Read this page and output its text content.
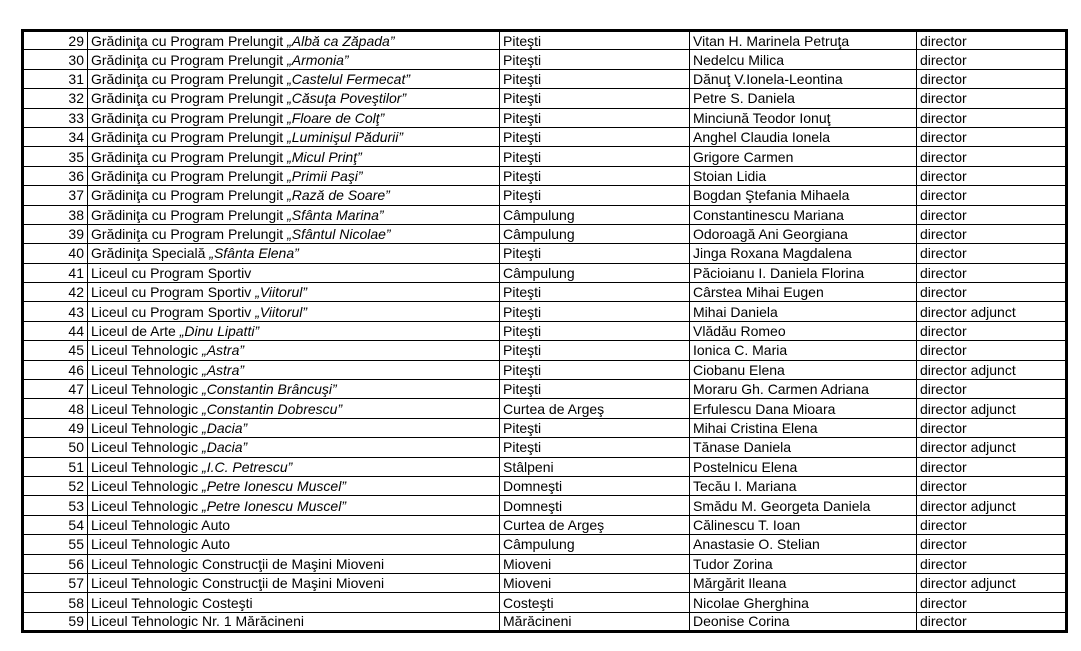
29	Grădiniţa cu Program Prelungit „Albă ca Zăpada”	Piteşti	Vitan H. Marinela Petruţa	director
30	Grădiniţa cu Program Prelungit „Armonia”	Piteşti	Nedelcu Milica	director
31	Grădiniţa cu Program Prelungit „Castelul Fermecat”	Piteşti	Dănuţ V.Ionela-Leontina	director
32	Grădiniţa cu Program Prelungit „Căsuţa Poveştilor”	Piteşti	Petre S. Daniela	director
33	Grădiniţa cu Program Prelungit „Floare de Colţ”	Piteşti	Minciună Teodor Ionuţ	director
34	Grădiniţa cu Program Prelungit „Luminişul Pădurii”	Piteşti	Anghel Claudia Ionela	director
35	Grădiniţa cu Program Prelungit „Micul Prinţ”	Piteşti	Grigore Carmen	director
36	Grădiniţa cu Program Prelungit „Primii Paşi”	Piteşti	Stoian Lidia	director
37	Grădiniţa cu Program Prelungit „Rază de Soare”	Piteşti	Bogdan Ştefania Mihaela	director
38	Grădiniţa cu Program Prelungit „Sfânta Marina”	Câmpulung	Constantinescu Mariana	director
39	Grădiniţa cu Program Prelungit „Sfântul Nicolae”	Câmpulung	Odoroagă Ani Georgiana	director
40	Grădiniţa Specială „Sfânta Elena”	Piteşti	Jinga Roxana Magdalena	director
41	Liceul cu Program Sportiv	Câmpulung	Păcioianu I. Daniela Florina	director
42	Liceul cu Program Sportiv „Viitorul”	Piteşti	Cârstea Mihai Eugen	director
43	Liceul cu Program Sportiv „Viitorul”	Piteşti	Mihai Daniela	director adjunct
44	Liceul de Arte „Dinu Lipatti”	Piteşti	Vlădău Romeo	director
45	Liceul Tehnologic „Astra”	Piteşti	Ionica C. Maria	director
46	Liceul Tehnologic „Astra”	Piteşti	Ciobanu Elena	director adjunct
47	Liceul Tehnologic „Constantin Brâncuşi”	Piteşti	Moraru Gh. Carmen Adriana	director
48	Liceul Tehnologic „Constantin Dobrescu”	Curtea de Argeş	Erfulescu Dana Mioara	director adjunct
49	Liceul Tehnologic „Dacia”	Piteşti	Mihai Cristina Elena	director
50	Liceul Tehnologic „Dacia”	Piteşti	Tănase Daniela	director adjunct
51	Liceul Tehnologic „I.C. Petrescu”	Stâlpeni	Postelnicu Elena	director
52	Liceul Tehnologic „Petre Ionescu Muscel”	Domneşti	Tecău I. Mariana	director
53	Liceul Tehnologic „Petre Ionescu Muscel”	Domneşti	Smădu M. Georgeta Daniela	director adjunct
54	Liceul Tehnologic Auto	Curtea de Argeş	Călinescu T. Ioan	director
55	Liceul Tehnologic Auto	Câmpulung	Anastasie O. Stelian	director
56	Liceul Tehnologic Construcţii de Maşini Mioveni	Mioveni	Tudor Zorina	director
57	Liceul Tehnologic Construcţii de Maşini Mioveni	Mioveni	Mărgărit Ileana	director adjunct
58	Liceul Tehnologic Costeşti	Costeşti	Nicolae Gherghina	director
59	Liceul Tehnologic Nr. 1 Mărăcineni	Mărăcineni	Deonise Corina	director
